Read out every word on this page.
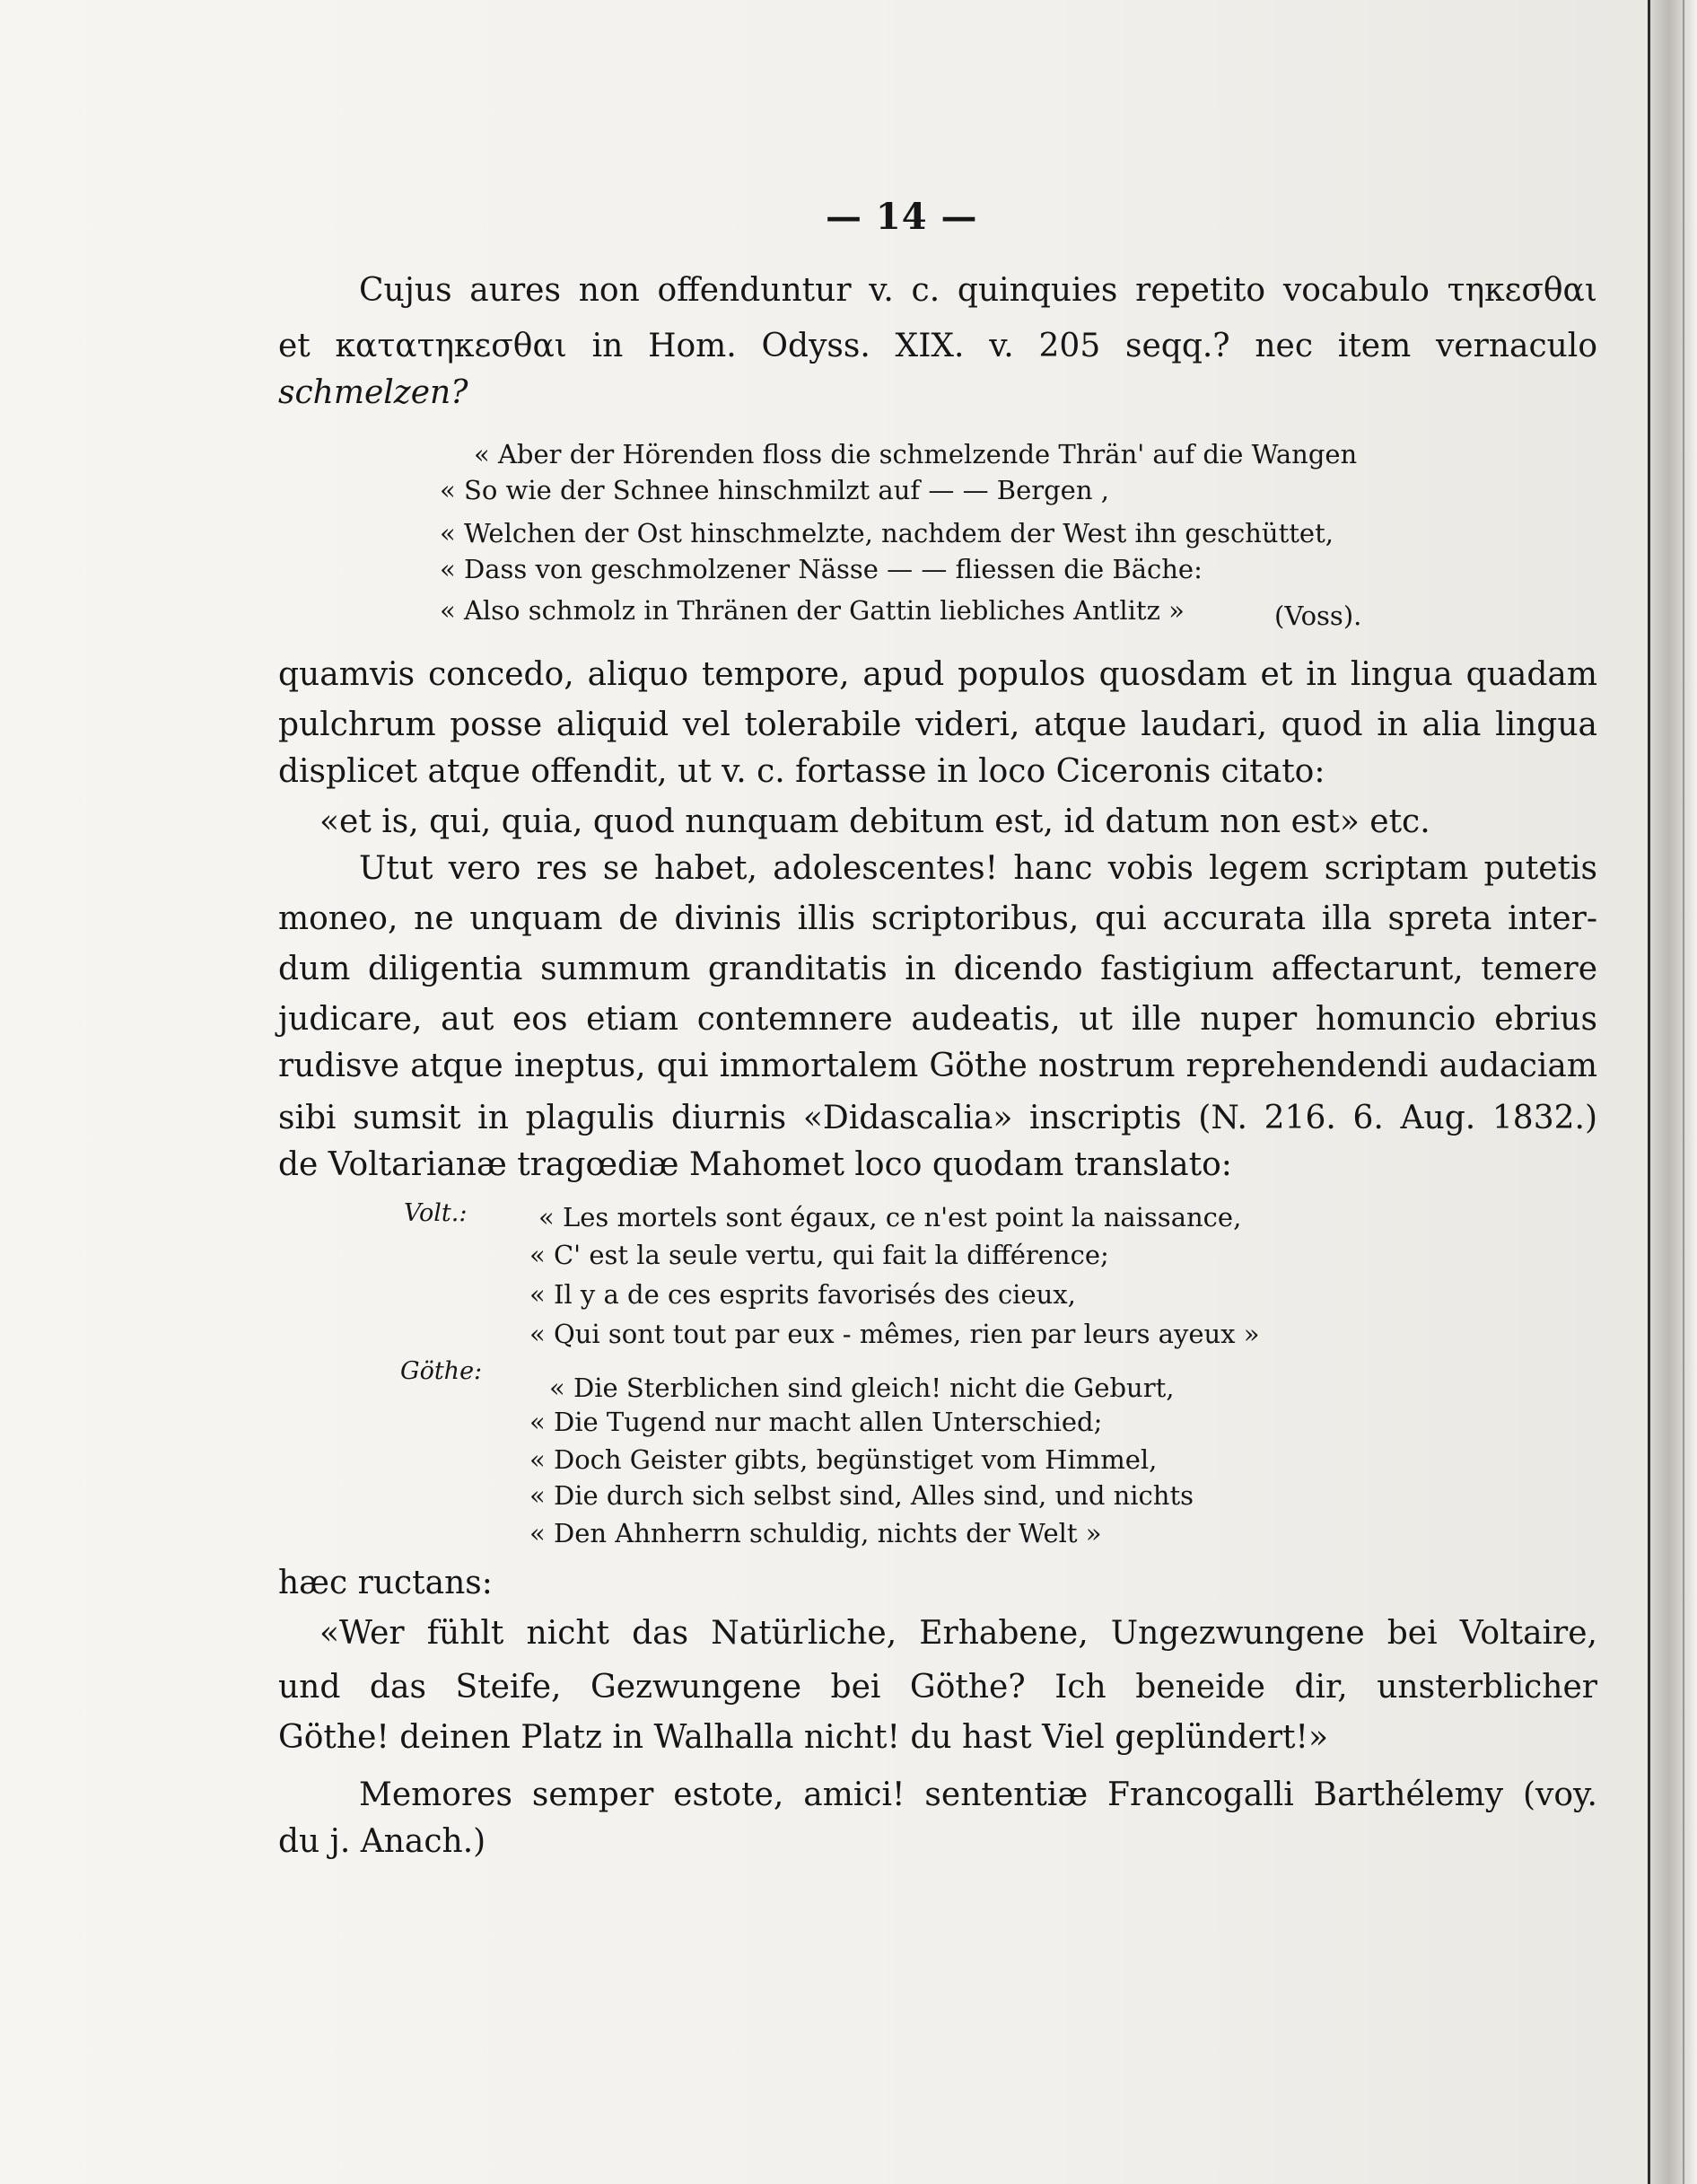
— 14 —
Cujus aures non offenduntur v. c. quinquies repetito vocabulo τηκεσθαι
et κατατηκεσθαι in Hom. Odyss. XIX. v. 205 seqq.? nec item vernaculo
schmelzen?
« Aber der Hörenden floss die schmelzende Thrän' auf die Wangen
« So wie der Schnee hinschmilzt auf — — Bergen ,
« Welchen der Ost hinschmelzte, nachdem der West ihn geschüttet,
« Dass von geschmolzener Nässe — — fliessen die Bäche:
« Also schmolz in Thränen der Gattin liebliches Antlitz »	(Voss).
quamvis concedo, aliquo tempore, apud populos quosdam et in lingua quadam
pulchrum posse aliquid vel tolerabile videri, atque laudari, quod in alia lingua
displicet atque offendit, ut v. c. fortasse in loco Ciceronis citato:
«et is, qui, quia, quod nunquam debitum est, id datum non est» etc.
Utut vero res se habet, adolescentes! hanc vobis legem scriptam putetis
moneo, ne unquam de divinis illis scriptoribus, qui accurata illa spreta inter-
dum diligentia summum granditatis in dicendo fastigium affectarunt, temere
judicare, aut eos etiam contemnere audeatis, ut ille nuper homuncio ebrius
rudisve atque ineptus, qui immortalem Göthe nostrum reprehendendi audaciam
sibi sumsit in plagulis diurnis «Didascalia» inscriptis (N. 216. 6. Aug. 1832.)
de Voltarianæ tragœdiæ Mahomet loco quodam translato:
Volt.:	« Les mortels sont égaux, ce n'est point la naissance,
« C' est la seule vertu, qui fait la différence;
« Il y a de ces esprits favorisés des cieux,
« Qui sont tout par eux - mêmes, rien par leurs ayeux »
Göthe:
« Die Sterblichen sind gleich! nicht die Geburt,
« Die Tugend nur macht allen Unterschied;
« Doch Geister gibts, begünstiget vom Himmel,
« Die durch sich selbst sind, Alles sind, und nichts
« Den Ahnherrn schuldig, nichts der Welt »
hæc ructans:
«Wer fühlt nicht das Natürliche, Erhabene, Ungezwungene bei Voltaire,
und das Steife, Gezwungene bei Göthe? Ich beneide dir, unsterblicher
Göthe! deinen Platz in Walhalla nicht! du hast Viel geplündert!»
Memores semper estote, amici! sententiæ Francogalli Barthélemy (voy.
du j. Anach.)
